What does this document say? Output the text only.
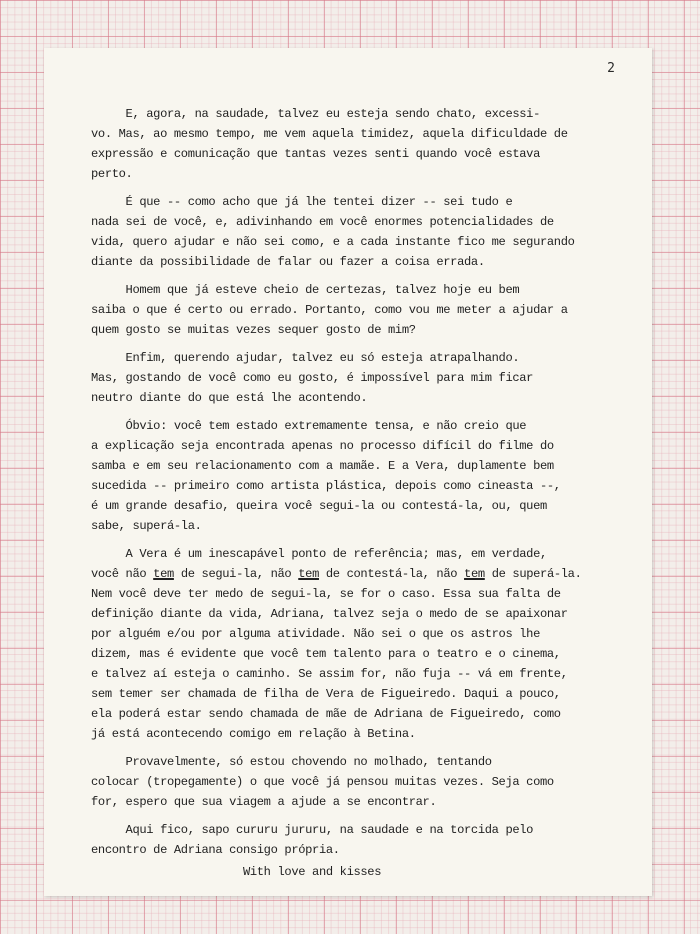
2
E, agora, na saudade, talvez eu esteja sendo chato, excessi-
vo. Mas, ao mesmo tempo, me vem aquela timidez, aquela dificuldade de
expressão e comunicação que tantas vezes senti quando você estava
perto.
É que -- como acho que já lhe tentei dizer -- sei tudo e
nada sei de você, e, adivinhando em você enormes potencialidades de
vida, quero ajudar e não sei como, e a cada instante fico me segurando
diante da possibilidade de falar ou fazer a coisa errada.
Homem que já esteve cheio de certezas, talvez hoje eu bem
saiba o que é certo ou errado. Portanto, como vou me meter a ajudar a
quem gosto se muitas vezes sequer gosto de mim?
Enfim, querendo ajudar, talvez eu só esteja atrapalhando.
Mas, gostando de você como eu gosto, é impossível para mim ficar
neutro diante do que está lhe acontendo.
Óbvio: você tem estado extremamente tensa, e não creio que
a explicação seja encontrada apenas no processo difícil do filme do
samba e em seu relacionamento com a mamãe. E a Vera, duplamente bem
sucedida -- primeiro como artista plástica, depois como cineasta --,
é um grande desafio, queira você segui-la ou contestá-la, ou, quem
sabe, superá-la.
A Vera é um inescapável ponto de referência; mas, em verdade,
você não tem de segui-la, não tem de contestá-la, não tem de superá-la.
Nem você deve ter medo de segui-la, se for o caso. Essa sua falta de
definição diante da vida, Adriana, talvez seja o medo de se apaixonar
por alguém e/ou por alguma atividade. Não sei o que os astros lhe
dizem, mas é evidente que você tem talento para o teatro e o cinema,
e talvez aí esteja o caminho. Se assim for, não fuja -- vá em frente,
sem temer ser chamada de filha de Vera de Figueiredo. Daqui a pouco,
ela poderá estar sendo chamada de mãe de Adriana de Figueiredo, como
já está acontecendo comigo em relação à Betina.
Provavelmente, só estou chovendo no molhado, tentando
colocar (tropegamente) o que você já pensou muitas vezes. Seja como
for, espero que sua viagem a ajude a se encontrar.
Aqui fico, sapo cururu jururu, na saudade e na torcida pelo
encontro de Adriana consigo própria.
With love and kisses
